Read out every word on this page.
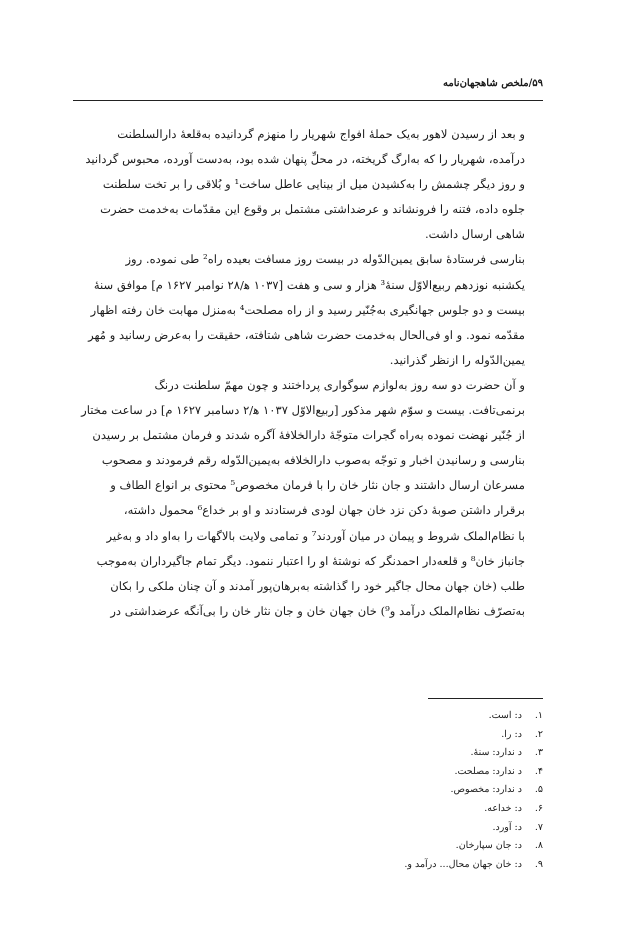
۵۹/ملخص شاهجهان‌نامه

و بعد از رسیدن لاهور به‌یک حملهٔ افواج شهریار را منهزم گردانیده به‌قلعهٔ دارالسلطنت
درآمده، شهریار را که به‌ارگ گریخته، در محلِّ پنهان شده بود، به‌دست آورده، محبوس گردانید
و روز دیگر چشمش را به‌کشیدن میل از بینایی عاطل ساخت¹ و بُلاقی را بر تخت سلطنت
جلوه داده، فتنه را فرونشاند و عرضداشتی مشتمل بر وقوع این مقدّمات به‌خدمت حضرت
شاهی ارسال داشت.

بنارسی فرستادهٔ سابق یمین‌الدّوله در بیست روز مسافت بعیده راه² طی نموده. روز
یکشنبه نوزدهم ربیع‌الاوّل سنهٔ³ هزار و سی و هفت [۱۰۳۷ ه‍/۲۸ نوامبر ۱۶۲۷ م] موافق سنهٔ
بیست و دو جلوس جهانگیری به‌جُنّیر رسید و از راه مصلحت⁴ به‌منزل مهابت خان رفته اظهار
مقدّمه نمود. و او فی‌الحال به‌خدمت حضرت شاهی شتافته، حقیقت را به‌عرض رسانید و مُهر
یمین‌الدّوله را ازنظر گذرانید.

و آن حضرت دو سه روز به‌لوازم سوگواری پرداختند و چون مهمّ سلطنت درنگ
برنمی‌تافت. بیست و سوّم شهر مذکور [ربیع‌الاوّل ۱۰۳۷ ه‍/۲ دسامبر ۱۶۲۷ م] در ساعت مختار
از جُنّیر نهضت نموده به‌راه گجرات متوجّهٔ دارالخلافهٔ آگره شدند و فرمان مشتمل بر رسیدن
بنارسی و رسانیدن اخبار و توجّه به‌صوب دارالخلافه به‌یمین‌الدّوله رقم فرمودند و مصحوب
مسرعان ارسال داشتند و جان نثار خان را با فرمان مخصوص⁵ محتوی بر انواع الطاف و
برقرار داشتن صوبهٔ دکن نزد خان جهان لودی فرستادند و او بر خداع⁶ محمول داشته،
با نظام‌الملک شروط و پیمان در میان آوردند⁷ و تمامی ولایت بالاگهات را به‌او داد و به‌غیر
جانباز خان⁸ و قلعه‌دار احمدنگر که نوشتهٔ او را اعتبار ننمود. دیگر تمام جاگیرداران به‌موجب
طلب (خان جهان محال جاگیر خود را گذاشته به‌برهان‌پور آمدند و آن چنان ملکی را بکان
به‌تصرّف نظام‌الملک درآمد و⁹) خان جهان خان و جان نثار خان را بی‌آنگه عرضداشتی در

۱. د: است.
۲. د: را.
۳. د ندارد: سنهٔ.
۴. د ندارد: مصلحت.
۵. د ندارد: مخصوص.
۶. د: خداعه.
۷. د: آورد.
۸. د: جان سپارخان.
۹. د: خان جهان محال... درآمد و.
